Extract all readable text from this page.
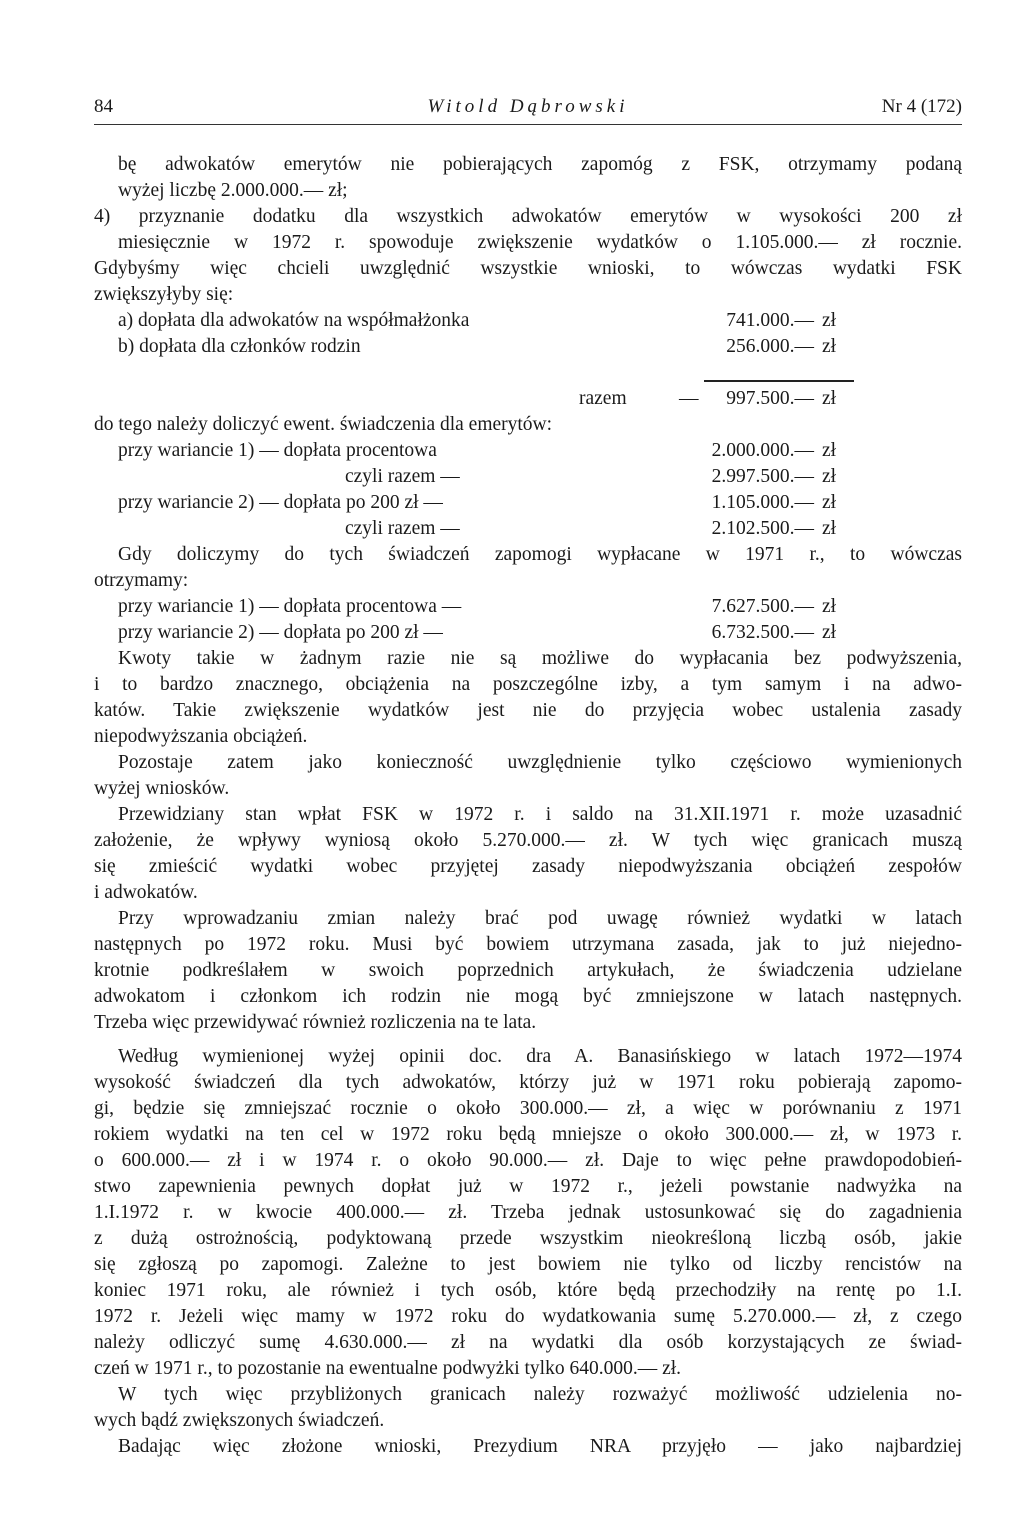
84	Witold Dąbrowski	Nr 4 (172)
bę adwokatów emerytów nie pobierających zapomóg z FSK, otrzymamy podaną
wyżej liczbę 2.000.000.— zł;
4) przyznanie dodatku dla wszystkich adwokatów emerytów w wysokości 200 zł
miesięcznie w 1972 r. spowoduje zwiększenie wydatków o 1.105.000.— zł rocznie.
Gdybyśmy więc chcieli uwzględnić wszystkie wnioski, to wówczas wydatki FSK
zwiększyłyby się:
a) dopłata dla adwokatów na współmałżonka	741.000.— zł
b) dopłata dla członków rodzin	256.000.— zł
razem	—	997.500.— zł
do tego należy doliczyć ewent. świadczenia dla emerytów:
przy wariancie 1) — dopłata procentowa	2.000.000.— zł
czyli razem —	2.997.500.— zł
przy wariancie 2) — dopłata po 200 zł —	1.105.000.— zł
czyli razem —	2.102.500.— zł
Gdy doliczymy do tych świadczeń zapomogi wypłacane w 1971 r., to wówczas
otrzymamy:
przy wariancie 1) — dopłata procentowa —	7.627.500.— zł
przy wariancie 2) — dopłata po 200 zł —	6.732.500.— zł
Kwoty takie w żadnym razie nie są możliwe do wypłacania bez podwyższenia,
i to bardzo znacznego, obciążenia na poszczególne izby, a tym samym i na adwo-
katów. Takie zwiększenie wydatków jest nie do przyjęcia wobec ustalenia zasady
niepodwyższania obciążeń.
Pozostaje zatem jako konieczność uwzględnienie tylko częściowo wymienionych
wyżej wniosków.
Przewidziany stan wpłat FSK w 1972 r. i saldo na 31.XII.1971 r. może uzasadnić
założenie, że wpływy wyniosą około 5.270.000.— zł. W tych więc granicach muszą
się zmieścić wydatki wobec przyjętej zasady niepodwyższania obciążeń zespołów
i adwokatów.
Przy wprowadzaniu zmian należy brać pod uwagę również wydatki w latach
następnych po 1972 roku. Musi być bowiem utrzymana zasada, jak to już niejedno-
krotnie podkreślałem w swoich poprzednich artykułach, że świadczenia udzielane
adwokatom i członkom ich rodzin nie mogą być zmniejszone w latach następnych.
Trzeba więc przewidywać również rozliczenia na te lata.
Według wymienionej wyżej opinii doc. dra A. Banasińskiego w latach 1972—1974
wysokość świadczeń dla tych adwokatów, którzy już w 1971 roku pobierają zapomo-
gi, będzie się zmniejszać rocznie o około 300.000.— zł, a więc w porównaniu z 1971
rokiem wydatki na ten cel w 1972 roku będą mniejsze o około 300.000.— zł, w 1973 r.
o 600.000.— zł i w 1974 r. o około 90.000.— zł. Daje to więc pełne prawdopodobień-
stwo zapewnienia pewnych dopłat już w 1972 r., jeżeli powstanie nadwyżka na
1.I.1972 r. w kwocie 400.000.— zł. Trzeba jednak ustosunkować się do zagadnienia
z dużą ostrożnością, podyktowaną przede wszystkim nieokreśloną liczbą osób, jakie
się zgłoszą po zapomogi. Zależne to jest bowiem nie tylko od liczby rencistów na
koniec 1971 roku, ale również i tych osób, które będą przechodziły na rentę po 1.I.
1972 r. Jeżeli więc mamy w 1972 roku do wydatkowania sumę 5.270.000.— zł, z czego
należy odliczyć sumę 4.630.000.— zł na wydatki dla osób korzystających ze świad-
czeń w 1971 r., to pozostanie na ewentualne podwyżki tylko 640.000.— zł.
W tych więc przybliżonych granicach należy rozważyć możliwość udzielenia no-
wych bądź zwiększonych świadczeń.
Badając więc złożone wnioski, Prezydium NRA przyjęło — jako najbardziej
